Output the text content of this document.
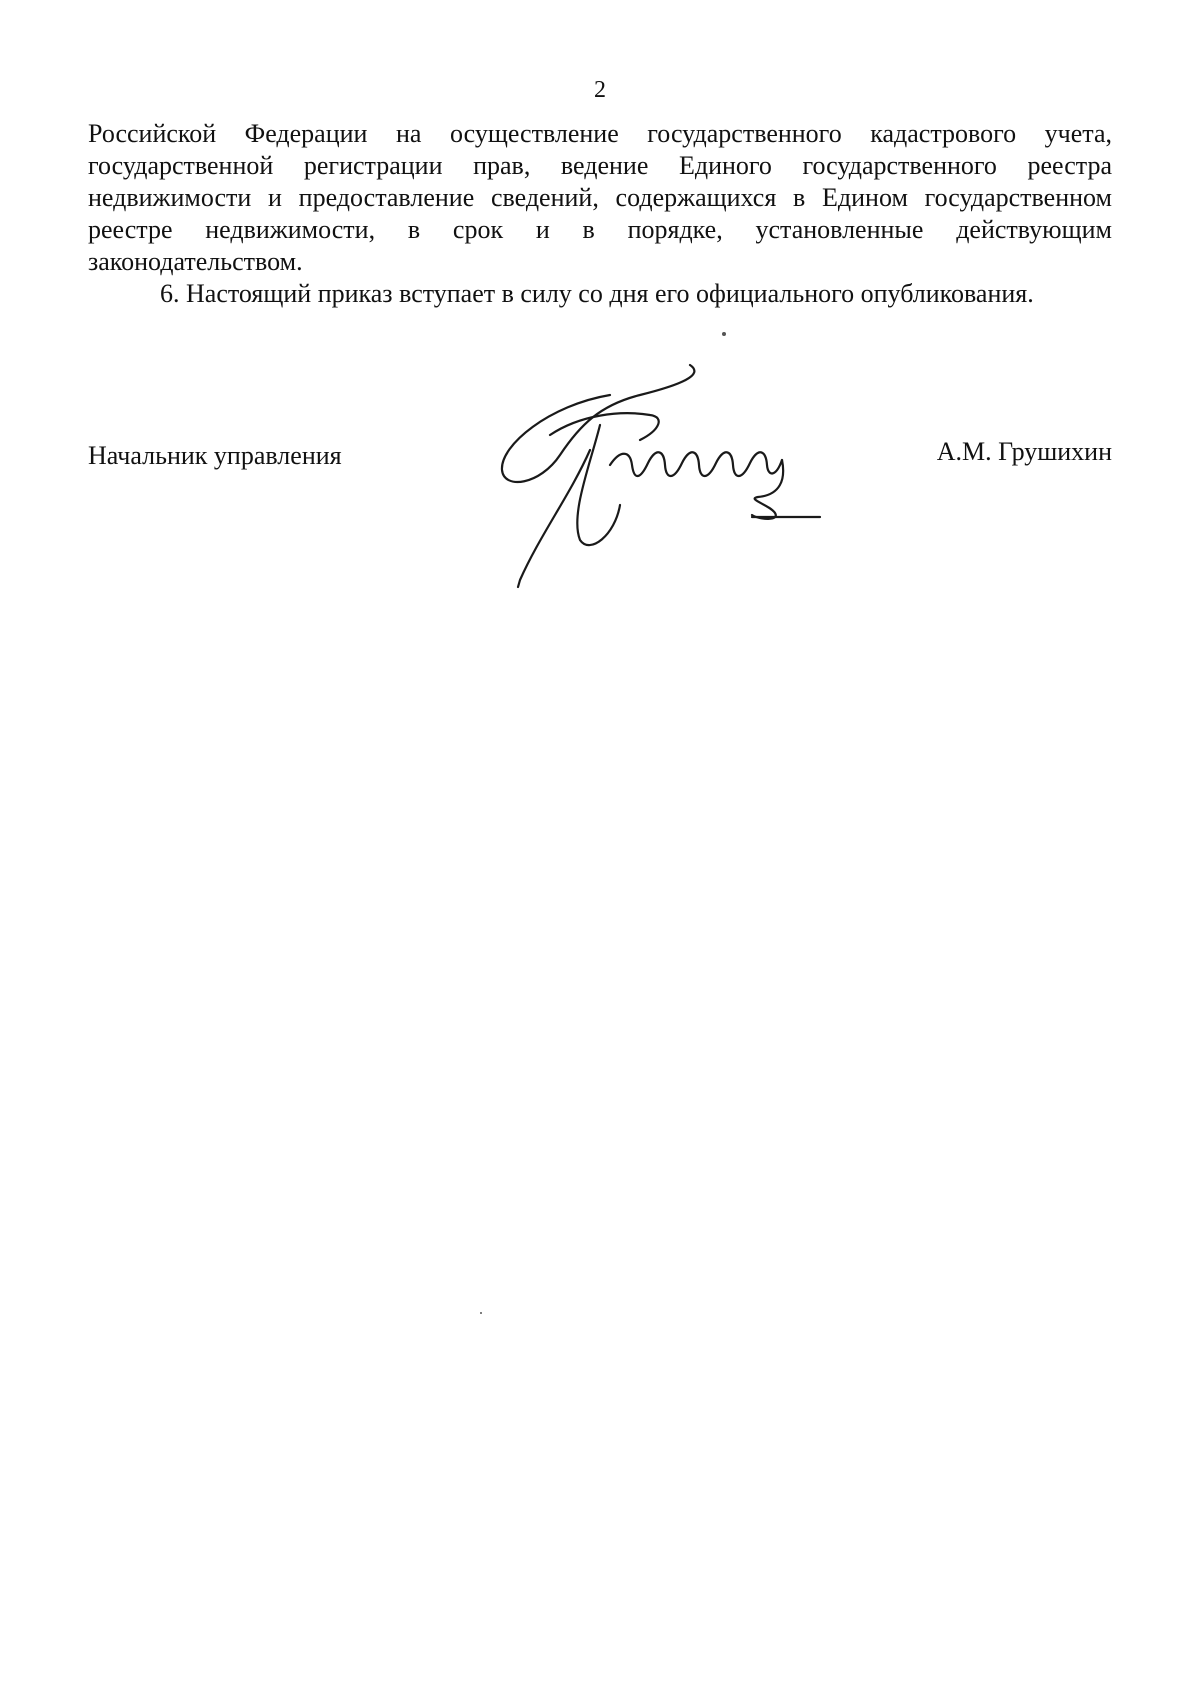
2

Российской Федерации на осуществление государственного кадастрового учета, государственной регистрации прав, ведение Единого государственного реестра недвижимости и предоставление сведений, содержащихся в Едином государственном реестре недвижимости, в срок и в порядке, установленные действующим законодательством.

6. Настоящий приказ вступает в силу со дня его официального опубликования.

Начальник управления	А.М. Грушихин
